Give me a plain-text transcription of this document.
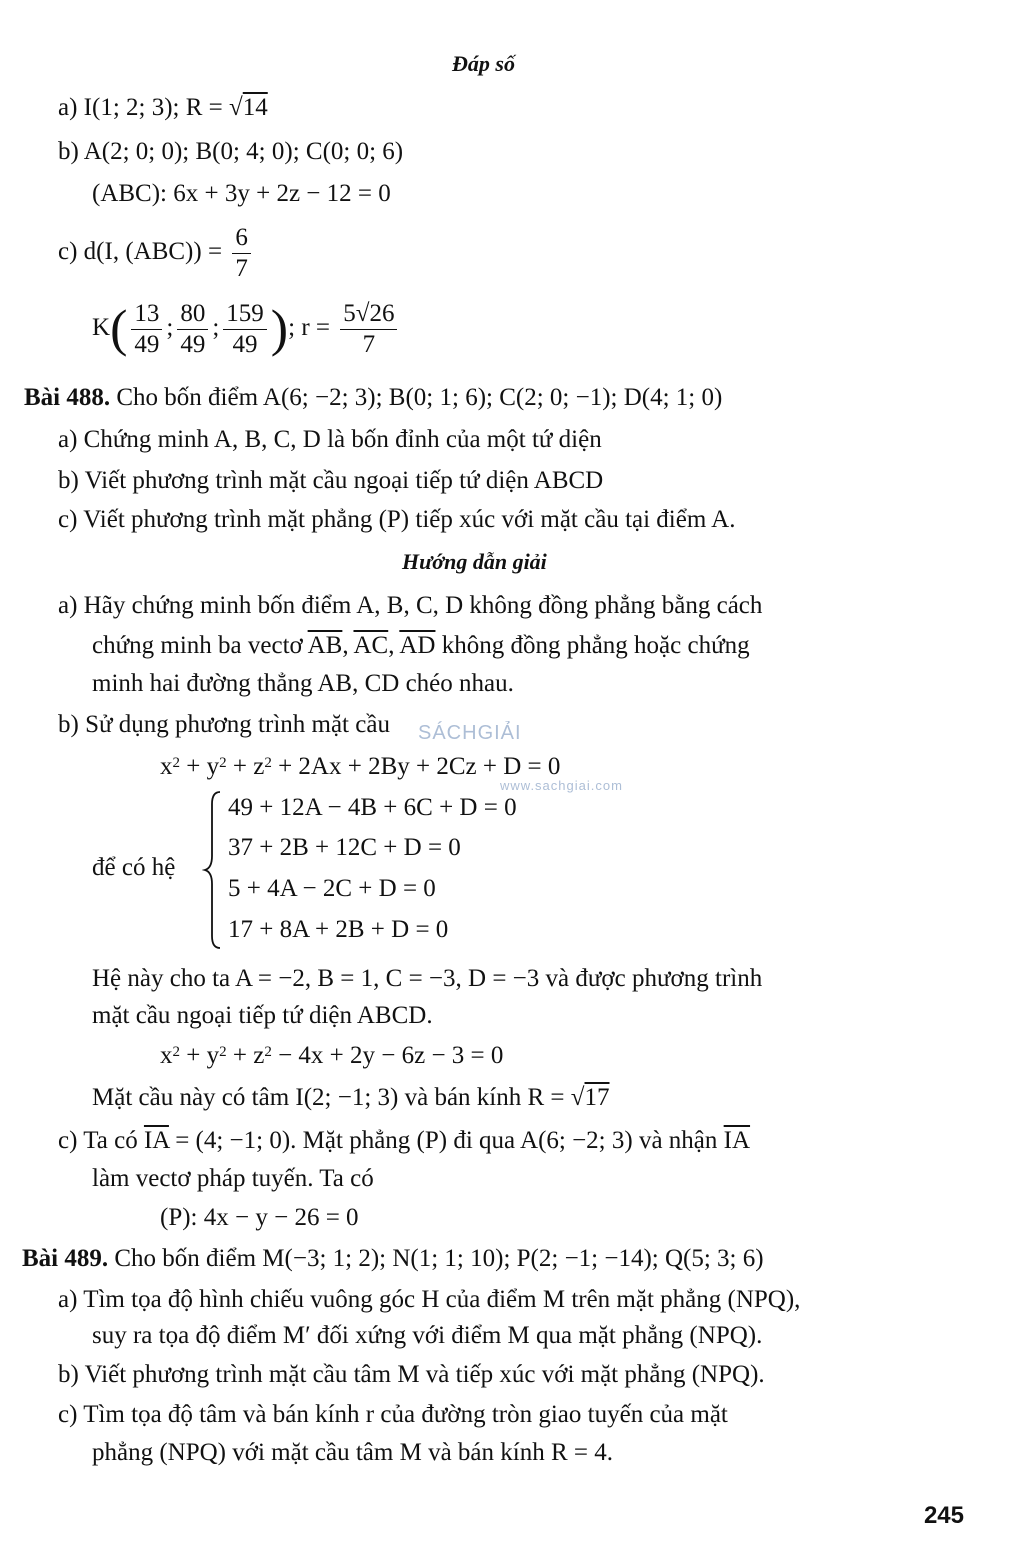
Đáp số
a) I(1; 2; 3); R = √14
b) A(2; 0; 0); B(0; 4; 0); C(0; 0; 6)
(ABC): 6x + 3y + 2z − 12 = 0
c) d(I, $(ABC)) = \frac{6}{7}$
$K( \frac{13}{49}$ ; $\frac{80}{49}$ ; $\frac{159}{49}$ ); $r = \frac{5√26}{7}$
Bài 488. Cho bốn điểm A(6; −2; 3); B(0; 1; 6); C(2; 0; −1); D(4; 1; 0)
a) Chứng minh A, B, C, D là bốn đỉnh của một tứ diện
b) Viết phương trình mặt cầu ngoại tiếp tứ diện ABCD
c) Viết phương trình mặt phẳng (P) tiếp xúc với mặt cầu tại điểm A.
Hướng dẫn giải
a) Hãy chứng minh bốn điểm A, B, C, D không đồng phẳng bằng cách
chứng minh ba vectơ $\overline{AB}$, $\overline{AC}$, $\overline{AD}$ không đồng phẳng hoặc chứng
minh hai đường thẳng AB, CD chéo nhau.
b) Sử dụng phương trình mặt cầu
$x^2 + y^2 + z^2 + 2Ax + 2By + 2Cz + D = 0$
để có hệ
49 + 12A − 4B + 6C + D = 0
37 + 2B + 12C + D = 0
5 + 4A − 2C + D = 0
17 + 8A + 2B + D = 0
Hệ này cho ta A = −2, B = 1, C = −3, D = −3 và được phương trình
mặt cầu ngoại tiếp tứ diện ABCD.
$x^2 + y^2 + z^2 - 4x + 2y - 6z - 3 = 0$
Mặt cầu này có tâm I(2; −1; 3) và bán kính R = √17
c) Ta có $\overline{IA} = (4$; −1; 0). Mặt phẳng (P) đi qua A(6; −2; 3) và nhận $\overline{IA}$
làm vectơ pháp tuyến. Ta có
(P): 4x − y − 26 = 0
Bài 489. Cho bốn điểm M(−3; 1; 2); N(1; 1; 10); P(2; −1; −14); Q(5; 3; 6)
a) Tìm tọa độ hình chiếu vuông góc H của điểm M trên mặt phẳng (NPQ),
suy ra tọa độ điểm M′ đối xứng với điểm M qua mặt phẳng (NPQ).
b) Viết phương trình mặt cầu tâm M và tiếp xúc với mặt phẳng (NPQ).
c) Tìm tọa độ tâm và bán kính r của đường tròn giao tuyến của mặt
phẳng (NPQ) với mặt cầu tâm M và bán kính R = 4.
SÁCHGIẢI
www.sachgiai.com
245
